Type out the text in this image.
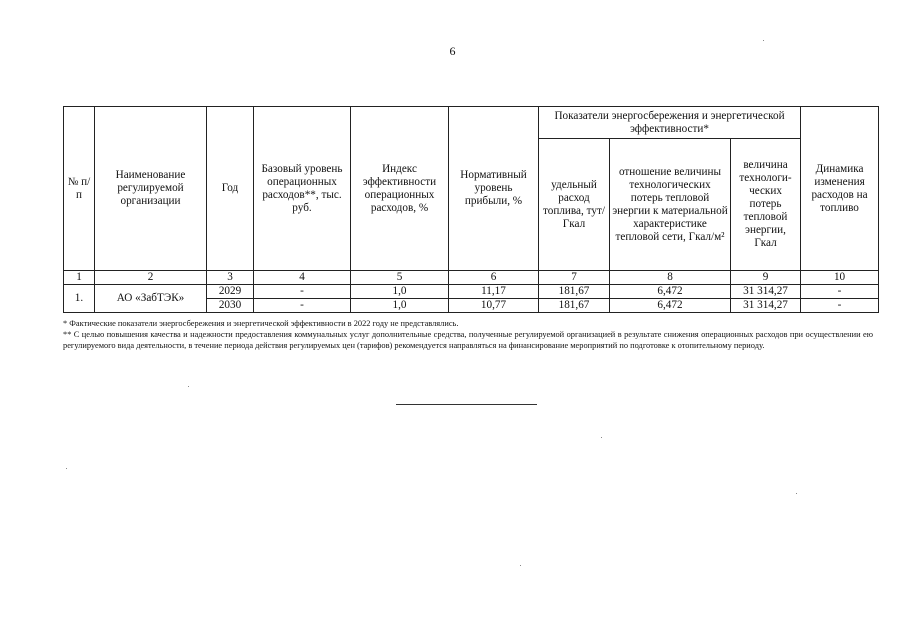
6
№ п/п	Наименование регулируемой организации	Год	Базовый уровень операционных расходов**, тыс. руб.	Индекс эффективности операционных расходов, %	Нормативный уровень прибыли, %	Показатели энергосбережения и энергетической эффективности*			Динамика изменения расходов на топливо
						удельный расход топлива, тут/Гкал	отношение величины технологических потерь тепловой энергии к материальной характеристике тепловой сети, Гкал/м²	величина технологи-ческих потерь тепловой энергии, Гкал	
1	2	3	4	5	6	7	8	9	10
1.	АО «ЗабТЭК»	2029	-	1,0	11,17	181,67	6,472	31 314,27	-
		2030	-	1,0	10,77	181,67	6,472	31 314,27	-

* Фактические показатели энергосбережения и энергетической эффективности в 2022 году не представлялись.

** С целью повышения качества и надежности предоставления коммунальных услуг дополнительные средства, полученные регулируемой организацией в результате снижения операционных расходов при осуществлении ею регулируемого вида деятельности, в течение периода действия регулируемых цен (тарифов) рекомендуется направляться на финансирование мероприятий по подготовке к отопительному периоду.
